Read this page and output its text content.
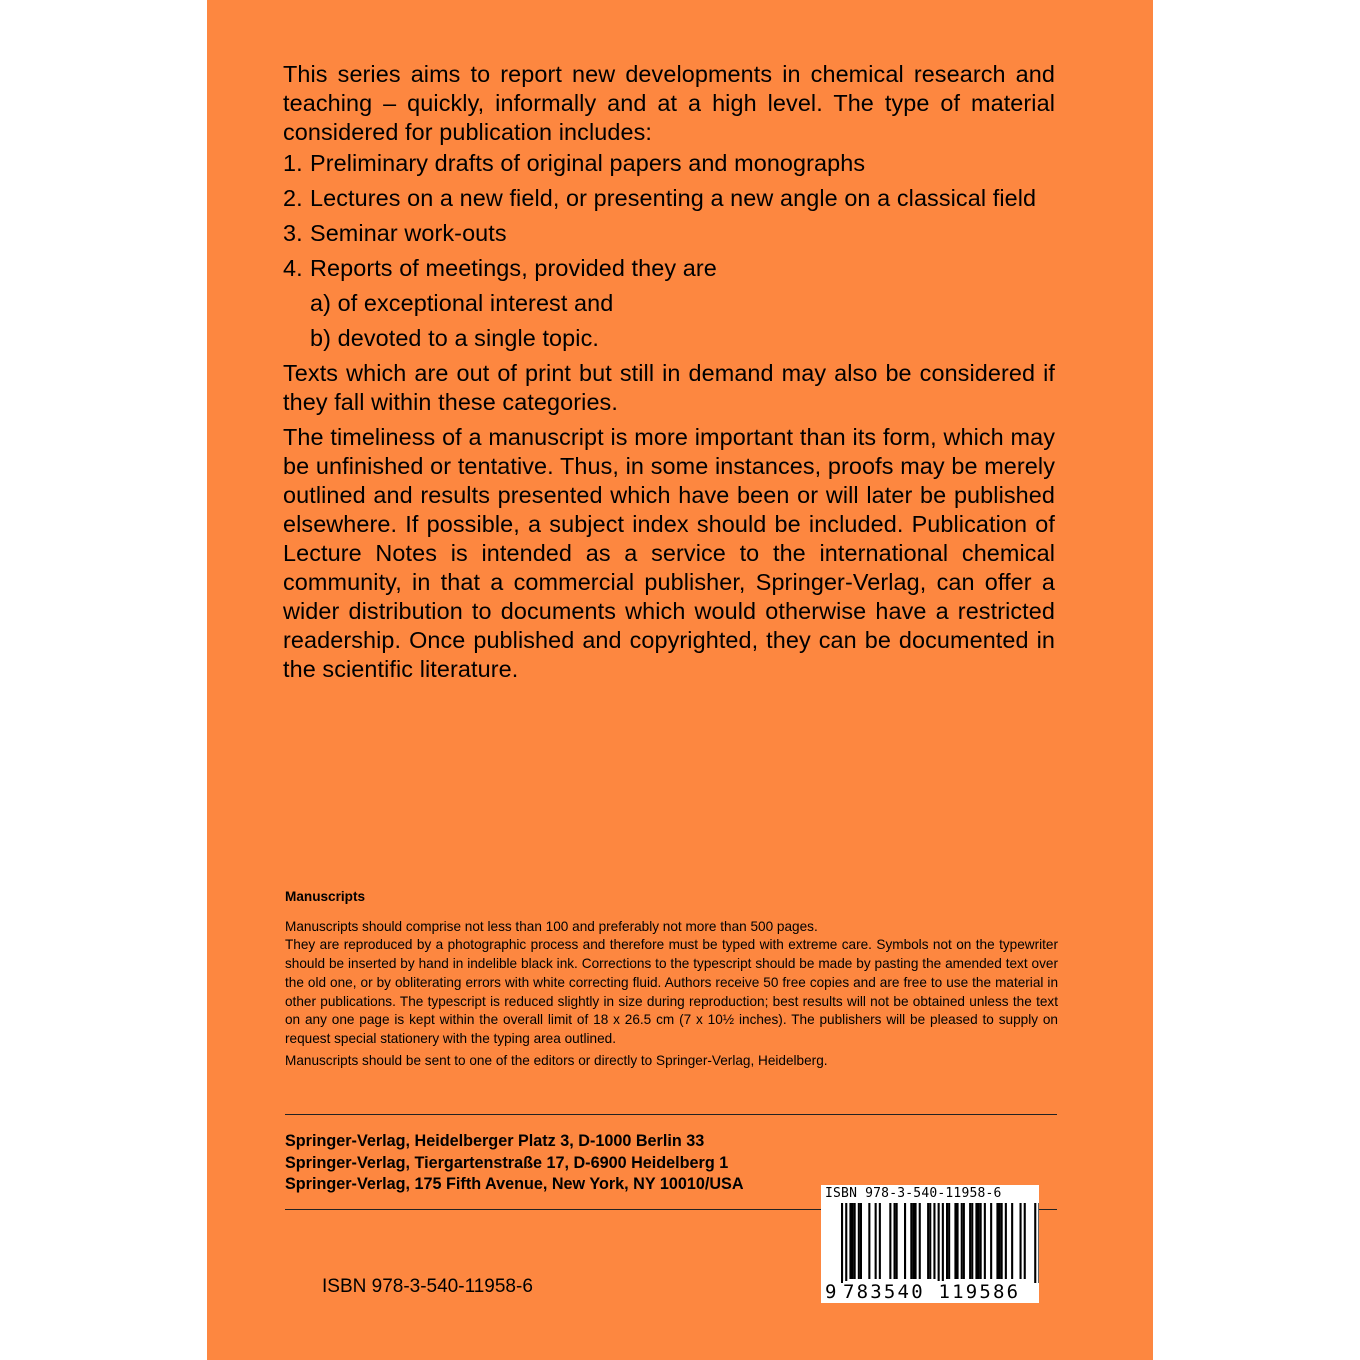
This series aims to report new developments in chemical research and teaching – quickly, informally and at a high level. The type of material considered for publication includes:

1. Preliminary drafts of original papers and monographs
2. Lectures on a new field, or presenting a new angle on a classical field
3. Seminar work-outs
4. Reports of meetings, provided they are
a) of exceptional interest and
b) devoted to a single topic.

Texts which are out of print but still in demand may also be considered if they fall within these categories.

The timeliness of a manuscript is more important than its form, which may be unfinished or tentative. Thus, in some instances, proofs may be merely outlined and results presented which have been or will later be published elsewhere. If possible, a subject index should be included. Publication of Lecture Notes is intended as a service to the international chemical community, in that a commercial publisher, Springer-Verlag, can offer a wider distribution to documents which would otherwise have a restricted readership. Once published and copyrighted, they can be documented in the scientific literature.

Manuscripts

Manuscripts should comprise not less than 100 and preferably not more than 500 pages.

They are reproduced by a photographic process and therefore must be typed with extreme care. Symbols not on the typewriter should be inserted by hand in indelible black ink. Corrections to the typescript should be made by pasting the amended text over the old one, or by obliterating errors with white correcting fluid. Authors receive 50 free copies and are free to use the material in other publications. The typescript is reduced slightly in size during reproduction; best results will not be obtained unless the text on any one page is kept within the overall limit of 18 x 26.5 cm (7 x 10½ inches). The publishers will be pleased to supply on request special stationery with the typing area outlined.

Manuscripts should be sent to one of the editors or directly to Springer-Verlag, Heidelberg.

Springer-Verlag, Heidelberger Platz 3, D-1000 Berlin 33
Springer-Verlag, Tiergartenstraße 17, D-6900 Heidelberg 1
Springer-Verlag, 175 Fifth Avenue, New York, NY 10010/USA
ISBN 978-3-540-11958-6
ISBN 978-3-540-11958-6
9 783540 119586
